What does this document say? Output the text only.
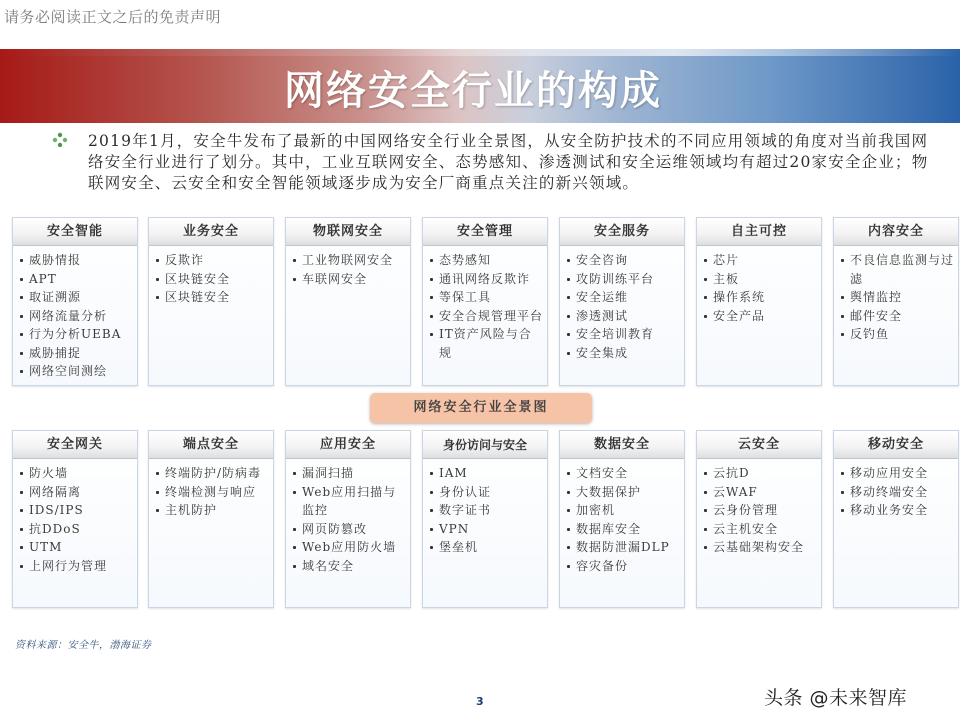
请务必阅读正文之后的免责声明
网络安全行业的构成

2019年1月，安全牛发布了最新的中国网络安全行业全景图，从安全防护技术的不同应用领域的角度对当前我国网络安全行业进行了划分。其中，工业互联网安全、态势感知、渗透测试和安全运维领域均有超过20家安全企业；物联网安全、云安全和安全智能领域逐步成为安全厂商重点关注的新兴领域。

安全智能
威胁情报
APT
取证溯源
网络流量分析
行为分析UEBA
威胁捕捉
网络空间测绘
业务安全
反欺诈
区块链安全
区块链安全
物联网安全
工业物联网安全
车联网安全
安全管理
态势感知
通讯网络反欺诈
等保工具
安全合规管理平台
IT资产风险与合规
安全服务
安全咨询
攻防训练平台
安全运维
渗透测试
安全培训教育
安全集成
自主可控
芯片
主板
操作系统
安全产品
内容安全
不良信息监测与过滤
舆情监控
邮件安全
反钓鱼
网络安全行业全景图
安全网关
防火墙
网络隔离
IDS/IPS
抗DDoS
UTM
上网行为管理
端点安全
终端防护/防病毒
终端检测与响应
主机防护
应用安全
漏洞扫描
Web应用扫描与监控
网页防篡改
Web应用防火墙
域名安全
身份访问与安全
IAM
身份认证
数字证书
VPN
堡垒机
数据安全
文档安全
大数据保护
加密机
数据库安全
数据防泄漏DLP
容灾备份
云安全
云抗D
云WAF
云身份管理
云主机安全
云基础架构安全
移动安全
移动应用安全
移动终端安全
移动业务安全
资料来源：安全牛，渤海证券
3	头条 @未来智库
